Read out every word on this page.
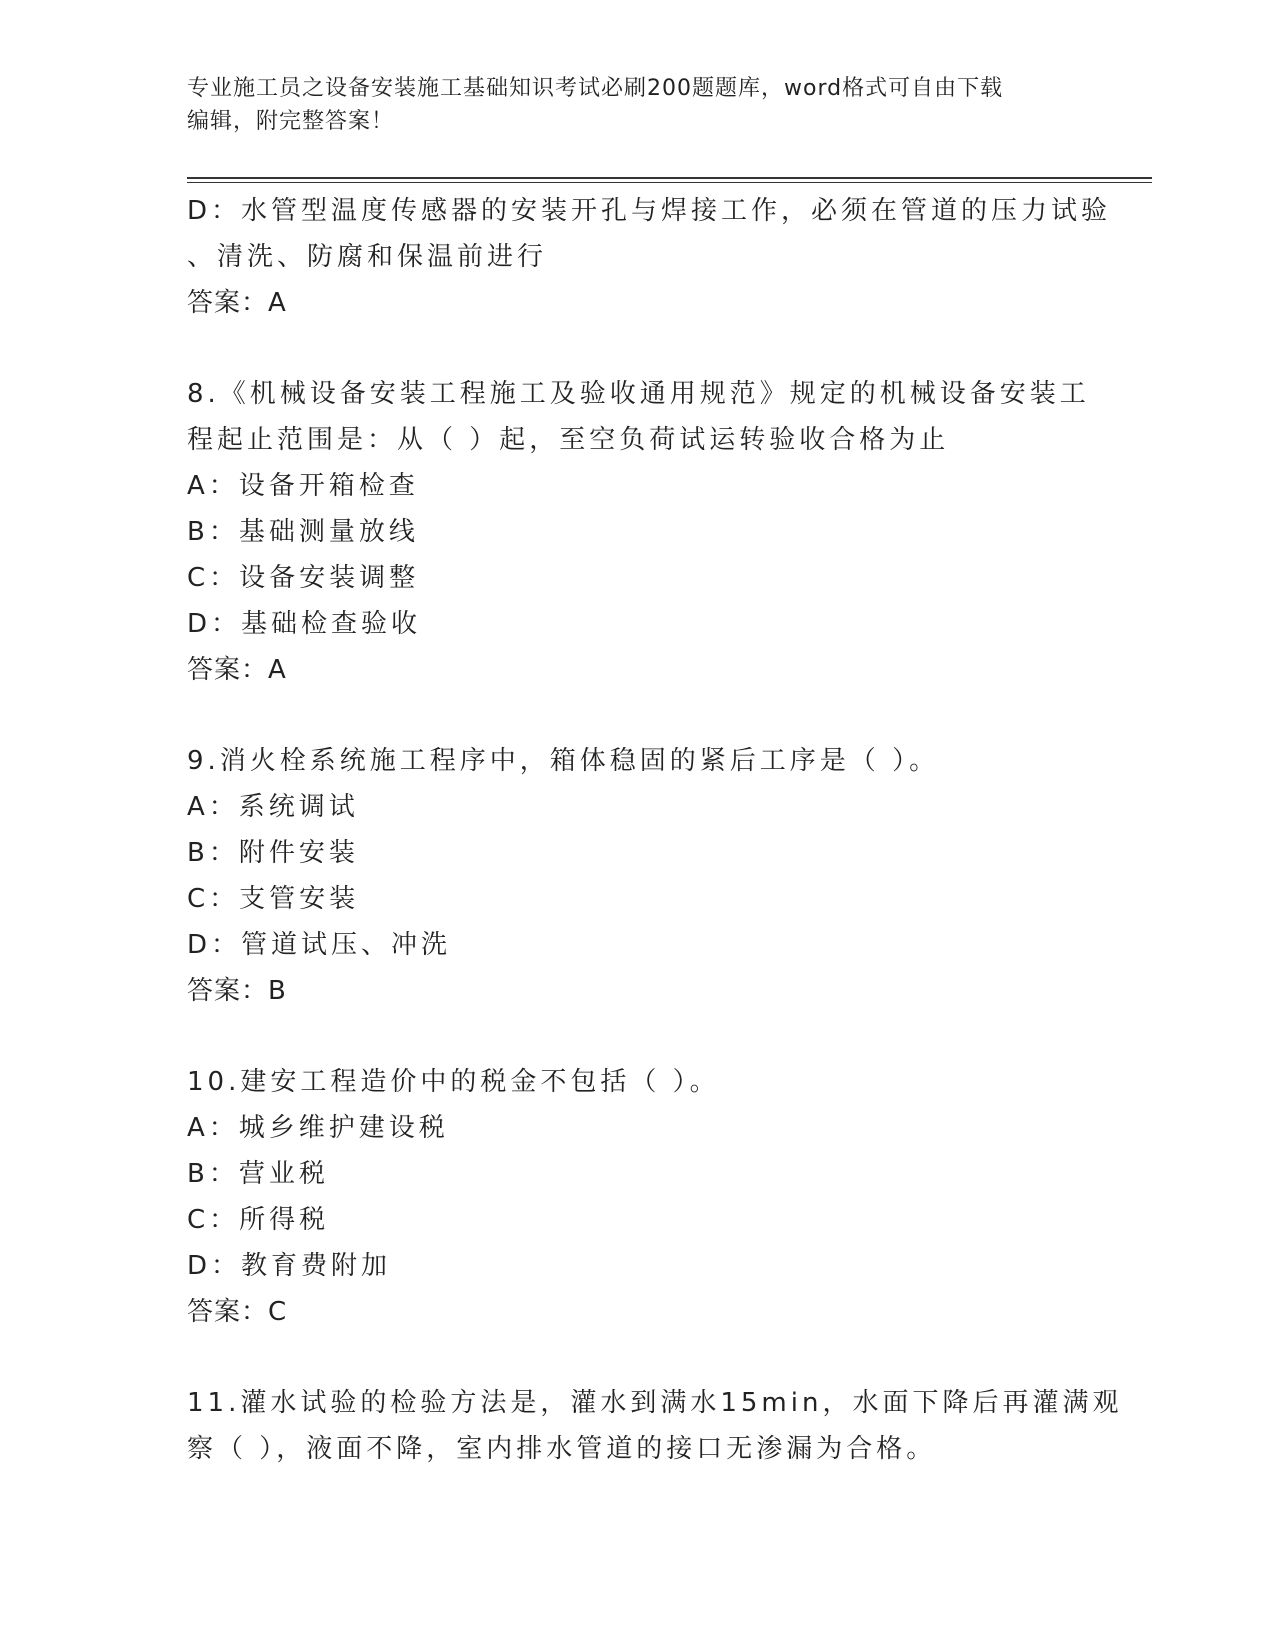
专业施工员之设备安装施工基础知识考试必刷200题题库，word格式可自由下载
编辑，附完整答案！
D：水管型温度传感器的安装开孔与焊接工作，必须在管道的压力试验
、清洗、防腐和保温前进行
答案：A
8.《机械设备安装工程施工及验收通用规范》规定的机械设备安装工
程起止范围是：从（ ）起，至空负荷试运转验收合格为止
A：设备开箱检查
B：基础测量放线
C：设备安装调整
D：基础检查验收
答案：A
9.消火栓系统施工程序中，箱体稳固的紧后工序是（ ）。
A：系统调试
B：附件安装
C：支管安装
D：管道试压、冲洗
答案：B
10.建安工程造价中的税金不包括（ ）。
A：城乡维护建设税
B：营业税
C：所得税
D：教育费附加
答案：C
11.灌水试验的检验方法是，灌水到满水15min，水面下降后再灌满观
察（ ），液面不降，室内排水管道的接口无渗漏为合格。
